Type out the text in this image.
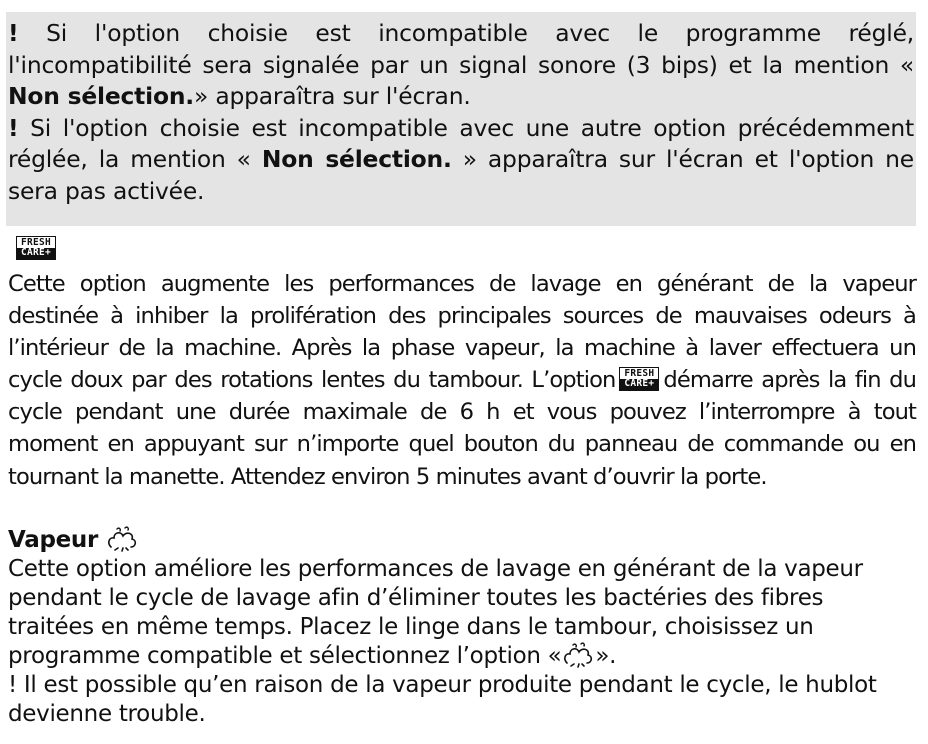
! Si l'option choisie est incompatible avec le programme réglé, l'incompatibilité sera signalée par un signal sonore (3 bips) et la mention « Non sélection.» apparaîtra sur l'écran.

! Si l'option choisie est incompatible avec une autre option précédemment réglée, la mention « Non sélection. » apparaîtra sur l'écran et l'option ne sera pas activée.

FRESH
CARE+

Cette option augmente les performances de lavage en générant de la vapeur destinée à inhiber la prolifération des principales sources de mauvaises odeurs à l’intérieur de la machine. Après la phase vapeur, la machine à laver effectuera un cycle doux par des rotations lentes du tambour. L’option FRESH
CARE+ démarre après la fin du cycle pendant une durée maximale de 6 h et vous pouvez l’interrompre à tout moment en appuyant sur n’importe quel bouton du panneau de commande ou en tournant la manette. Attendez environ 5 minutes avant d’ouvrir la porte.

Vapeur

Cette option améliore les performances de lavage en générant de la vapeur pendant le cycle de lavage afin d’éliminer toutes les bactéries des fibres traitées en même temps. Placez le linge dans le tambour, choisissez un programme compatible et sélectionnez l’option « ».

! Il est possible qu’en raison de la vapeur produite pendant le cycle, le hublot devienne trouble.
